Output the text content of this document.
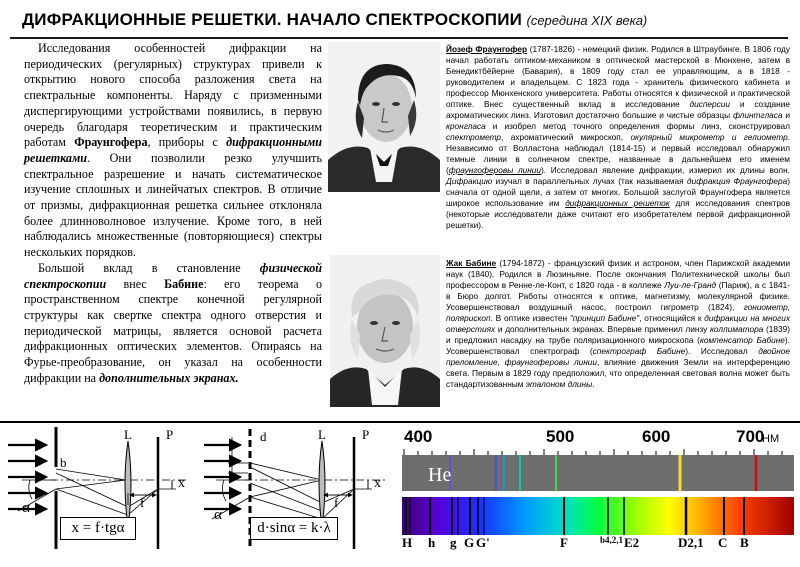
ДИФРАКЦИОННЫЕ РЕШЕТКИ. НАЧАЛО СПЕКТРОСКОПИИ (середина XIX века)

Исследования особенностей дифракции на периодических (регулярных) структурах привели к открытию нового способа разложения света на спектральные компоненты. Наряду с призменными диспергирующими устройствами появились, в первую очередь благодаря теоретическим и практическим работам Фраунгофера, приборы с дифракционными решетками. Они позволили резко улучшить спектральное разрешение и начать систематическое изучение сплошных и линейчатых спектров. В отличие от призмы, дифракционная решетка сильнее отклоняла более длинноволновое излучение. Кроме того, в ней наблюдались множественные (повторяющиеся) спектры нескольких порядков.

Большой вклад в становление физической спектроскопии внес Бабине: его теорема о пространственном спектре конечной регулярной структуры как свертке спектра одного отверстия и периодической матрицы, является основой расчета дифракционных оптических элементов. Опираясь на Фурье-преобразование, он указал на особенности дифракции на дополнительных экранах.

Йозеф Фраунгофер (1787-1826) - немецкий физик. Родился в Штраубинге. В 1806 году начал работать оптиком-механиком в оптической мастерской в Мюнхене, затем в Бенедиктбёйерне (Бавария), в 1809 году стал ее управляющим, а в 1818 - руководителем и владельцем. С 1823 года - хранитель физического кабинета и профессор Мюнхенского университета. Работы относятся к физической и практической оптике. Внес существенный вклад в исследование дисперсии и создание ахроматических линз. Изготовил достаточно большие и чистые образцы флинтгласа и кронгласа и изобрел метод точного определения формы линз, сконструировал спектрометр, ахроматический микроскоп, окулярный микрометр и гелиометр. Независимо от Волластона наблюдал (1814-15) и первый исследовал обнаружил темные линии в солнечном спектре, названные в дальнейшем его именем (фраунгоферовы линии). Исследовал явление дифракции, измерил их длины волн. Дифракцию изучал в параллельных лучах (так называемая дифракция Фраунгофера) сначала от одной щели, а затем от многих. Большой заслугой Фраунгофера является широкое использование им дифракционных решеток для исследования спектров (некоторые исследователи даже считают его изобретателем первой дифракционной решетки).
Жак Бабине (1794-1872) - французский физик и астроном, член Парижской академии наук (1840). Родился в Люзиньяне. После окончания Политехнической школы был профессором в Ренне-ле-Конт, с 1820 года - в коллеже Луи-ле-Гранд (Париж), а с 1841- в Бюро долгот. Работы относятся к оптике, магнетизму, молекулярной физике. Усовершенствовал воздушный насос, построил гигрометр (1824), гониометр, полярископ. В оптике известен "принцип Бабине", относящийся к дифракции на многих отверстиях и дополнительных экранах. Впервые применил линзу коллиматора (1839) и предложил насадку на трубе поляризационного микроскопа (компенсатор Бабине). Усовершенствовал спектрограф (спектрограф Бабине). Исследовал двойное преломление, фраунгоферовы линии, влияние движения Земли на интерференцию света. Первым в 1829 году предположил, что определенная световая волна может быть стандартизованным эталоном длины.
L	P
b
x
f
α
x = f·tgα
d	L	P
x
f
α
d·sinα = k·λ
400	500	600	700
НМ
He
H h g G G'	F	b4,2,1 E2	D2,1 C B
